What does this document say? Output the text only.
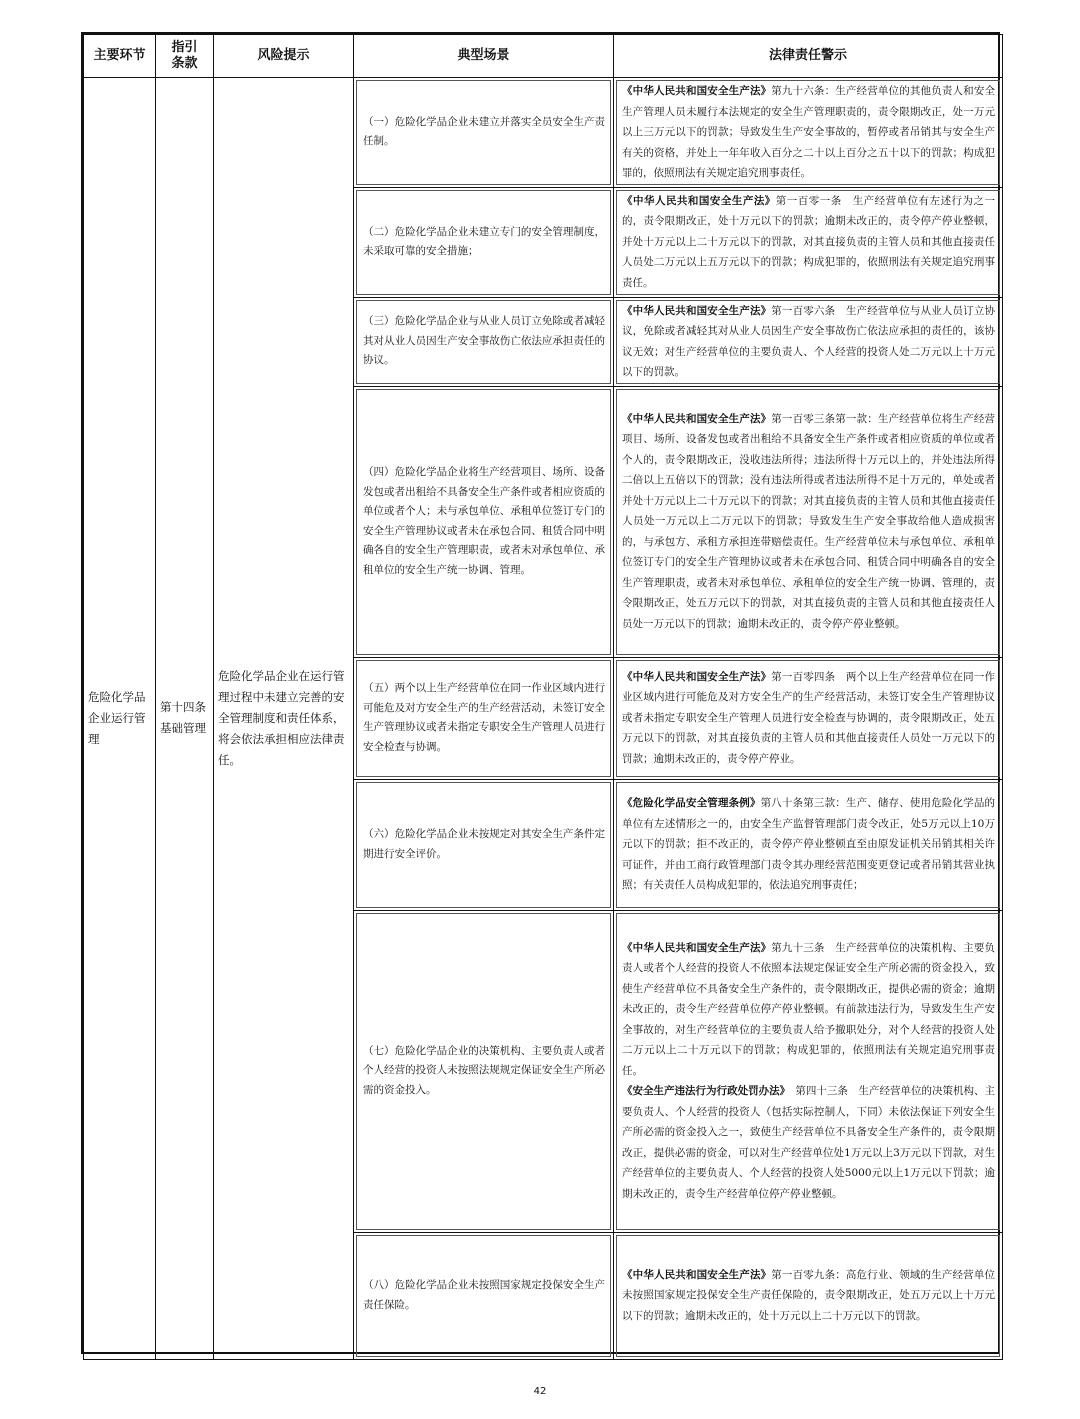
主要环节	指引条款	风险提示	典型场景	法律责任警示
危险化学品企业运行管理	第十四条基础管理	危险化学品企业在运行管理过程中未建立完善的安全管理制度和责任体系，将会依法承担相应法律责任。	（一）危险化学品企业未建立并落实全员安全生产责任制。	《中华人民共和国安全生产法》第九十六条：生产经营单位的其他负责人和安全生产管理人员未履行本法规定的安全生产管理职责的，责令限期改正，处一万元以上三万元以下的罚款；导致发生生产安全事故的，暂停或者吊销其与安全生产有关的资格，并处上一年年收入百分之二十以上百分之五十以下的罚款；构成犯罪的，依照刑法有关规定追究刑事责任。

			（二）危险化学品企业未建立专门的安全管理制度，未采取可靠的安全措施；	《中华人民共和国安全生产法》第一百零一条　生产经营单位有左述行为之一的，责令限期改正，处十万元以下的罚款；逾期未改正的，责令停产停业整顿，并处十万元以上二十万元以下的罚款，对其直接负责的主管人员和其他直接责任人员处二万元以上五万元以下的罚款；构成犯罪的，依照刑法有关规定追究刑事责任。

			（三）危险化学品企业与从业人员订立免除或者减轻其对从业人员因生产安全事故伤亡依法应承担责任的协议。	《中华人民共和国安全生产法》第一百零六条　生产经营单位与从业人员订立协议，免除或者减轻其对从业人员因生产安全事故伤亡依法应承担的责任的，该协议无效；对生产经营单位的主要负责人、个人经营的投资人处二万元以上十万元以下的罚款。

			（四）危险化学品企业将生产经营项目、场所、设备发包或者出租给不具备安全生产条件或者相应资质的单位或者个人；未与承包单位、承租单位签订专门的安全生产管理协议或者未在承包合同、租赁合同中明确各自的安全生产管理职责，或者未对承包单位、承租单位的安全生产统一协调、管理。	《中华人民共和国安全生产法》第一百零三条第一款：生产经营单位将生产经营项目、场所、设备发包或者出租给不具备安全生产条件或者相应资质的单位或者个人的，责令限期改正，没收违法所得；违法所得十万元以上的，并处违法所得二倍以上五倍以下的罚款；没有违法所得或者违法所得不足十万元的，单处或者并处十万元以上二十万元以下的罚款；对其直接负责的主管人员和其他直接责任人员处一万元以上二万元以下的罚款；导致发生生产安全事故给他人造成损害的，与承包方、承租方承担连带赔偿责任。生产经营单位未与承包单位、承租单位签订专门的安全生产管理协议或者未在承包合同、租赁合同中明确各自的安全生产管理职责，或者未对承包单位、承租单位的安全生产统一协调、管理的，责令限期改正，处五万元以下的罚款，对其直接负责的主管人员和其他直接责任人员处一万元以下的罚款；逾期未改正的，责令停产停业整顿。

			（五）两个以上生产经营单位在同一作业区域内进行可能危及对方安全生产的生产经营活动，未签订安全生产管理协议或者未指定专职安全生产管理人员进行安全检查与协调。	《中华人民共和国安全生产法》第一百零四条　两个以上生产经营单位在同一作业区域内进行可能危及对方安全生产的生产经营活动，未签订安全生产管理协议或者未指定专职安全生产管理人员进行安全检查与协调的，责令限期改正，处五万元以下的罚款，对其直接负责的主管人员和其他直接责任人员处一万元以下的罚款；逾期未改正的，责令停产停业。

			（六）危险化学品企业未按规定对其安全生产条件定期进行安全评价。	《危险化学品安全管理条例》第八十条第三款：生产、储存、使用危险化学品的单位有左述情形之一的，由安全生产监督管理部门责令改正，处5万元以上10万元以下的罚款；拒不改正的，责令停产停业整顿直至由原发证机关吊销其相关许可证件，并由工商行政管理部门责令其办理经营范围变更登记或者吊销其营业执照；有关责任人员构成犯罪的，依法追究刑事责任；

			（七）危险化学品企业的决策机构、主要负责人或者个人经营的投资人未按照法规规定保证安全生产所必需的资金投入。	《中华人民共和国安全生产法》第九十三条　生产经营单位的决策机构、主要负责人或者个人经营的投资人不依照本法规定保证安全生产所必需的资金投入，致使生产经营单位不具备安全生产条件的，责令限期改正，提供必需的资金；逾期未改正的，责令生产经营单位停产停业整顿。有前款违法行为，导致发生生产安全事故的，对生产经营单位的主要负责人给予撤职处分，对个人经营的投资人处二万元以上二十万元以下的罚款；构成犯罪的，依照刑法有关规定追究刑事责任。

《安全生产违法行为行政处罚办法》　第四十三条　生产经营单位的决策机构、主要负责人、个人经营的投资人（包括实际控制人，下同）未依法保证下列安全生产所必需的资金投入之一，致使生产经营单位不具备安全生产条件的，责令限期改正，提供必需的资金，可以对生产经营单位处1万元以上3万元以下罚款，对生产经营单位的主要负责人、个人经营的投资人处5000元以上1万元以下罚款；逾期未改正的，责令生产经营单位停产停业整顿。

			（八）危险化学品企业未按照国家规定投保安全生产责任保险。	《中华人民共和国安全生产法》第一百零九条：高危行业、领域的生产经营单位未按照国家规定投保安全生产责任保险的，责令限期改正，处五万元以上十万元以下的罚款；逾期未改正的，处十万元以上二十万元以下的罚款。

42
